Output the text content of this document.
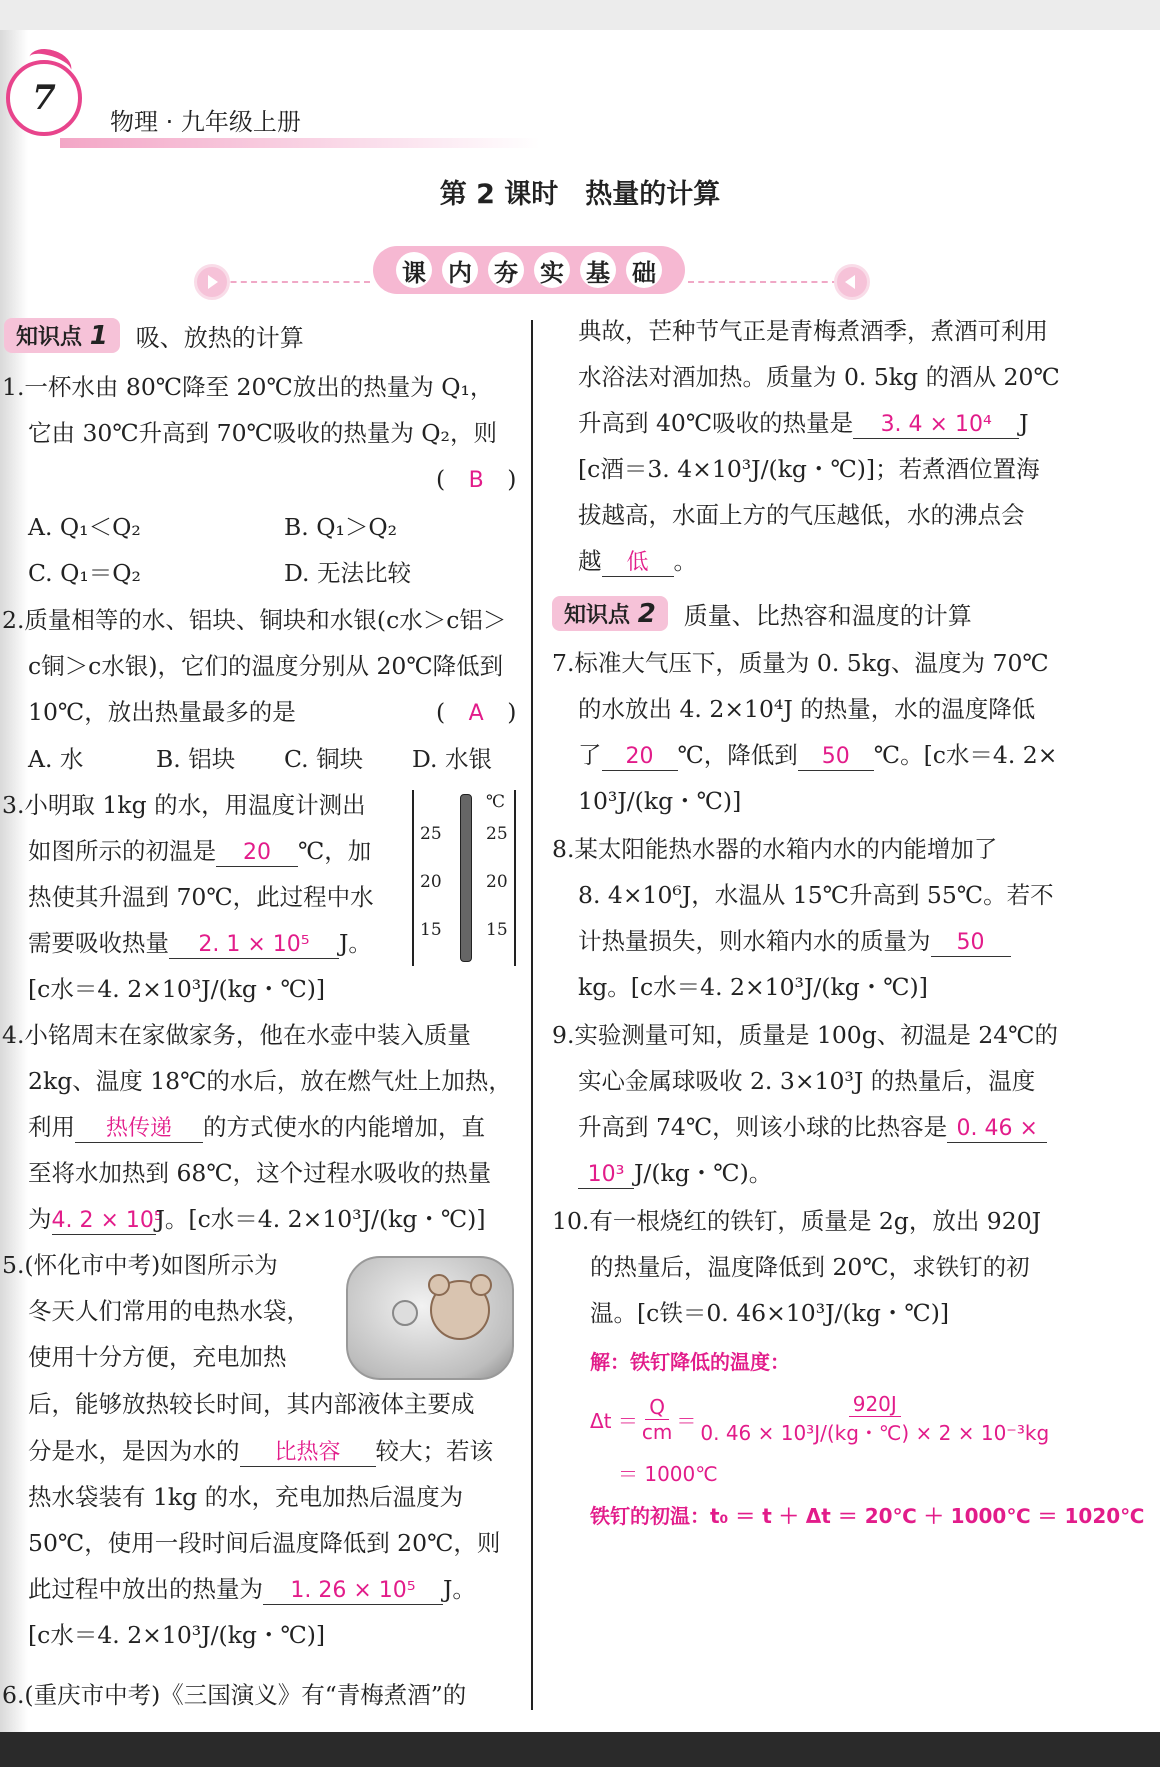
7
物理 · 九年级上册
第 2 课时　热量的计算
课 内 夯 实 基 础
知识点 1	吸、放热的计算
1.一杯水由 80℃降至 20℃放出的热量为 Q₁，
它由 30℃升高到 70℃吸收的热量为 Q₂，则
(　B　)
A. Q₁＜Q₂	B. Q₁＞Q₂
C. Q₁＝Q₂	D. 无法比较
2.质量相等的水、铝块、铜块和水银(c水＞c铝＞
c铜＞c水银)，它们的温度分别从 20℃降低到
10℃，放出热量最多的是	(　A　)
A. 水	B. 铝块 C. 铜块 D. 水银
3.小明取 1kg 的水，用温度计测出
如图所示的初温是 20 ℃，加
热使其升温到 70℃，此过程中水
需要吸收热量 2. 1 × 10⁵ J。
[c水＝4. 2×10³J/(kg・℃)]
℃
25	25
20	20
15	15
4.小铭周末在家做家务，他在水壶中装入质量
2kg、温度 18℃的水后，放在燃气灶上加热，
利用 热传递 的方式使水的内能增加，直
至将水加热到 68℃，这个过程水吸收的热量
为4. 2 × 10⁵J。[c水＝4. 2×10³J/(kg・℃)]
5.(怀化市中考)如图所示为
冬天人们常用的电热水袋，
使用十分方便，充电加热
后，能够放热较长时间，其内部液体主要成
分是水，是因为水的 比热容 较大；若该
热水袋装有 1kg 的水，充电加热后温度为
50℃，使用一段时间后温度降低到 20℃，则
此过程中放出的热量为 1. 26 × 10⁵ J。
[c水＝4. 2×10³J/(kg・℃)]
6.(重庆市中考)《三国演义》有“青梅煮酒”的
典故，芒种节气正是青梅煮酒季，煮酒可利用
水浴法对酒加热。质量为 0. 5kg 的酒从 20℃
升高到 40℃吸收的热量是 3. 4 × 10⁴ J
[c酒＝3. 4×10³J/(kg・℃)]；若煮酒位置海
拔越高，水面上方的气压越低，水的沸点会
越 低 。
知识点 2	质量、比热容和温度的计算
7.标准大气压下，质量为 0. 5kg、温度为 70℃
的水放出 4. 2×10⁴J 的热量，水的温度降低
了 20 ℃，降低到 50 ℃。[c水＝4. 2×
10³J/(kg・℃)]
8.某太阳能热水器的水箱内水的内能增加了
8. 4×10⁶J，水温从 15℃升高到 55℃。若不
计热量损失，则水箱内水的质量为 50
kg。[c水＝4. 2×10³J/(kg・℃)]
9.实验测量可知，质量是 100g、初温是 24℃的
实心金属球吸收 2. 3×10³J 的热量后，温度
升高到 74℃，则该小球的比热容是 0. 46 ×
10³ J/(kg・℃)。
10.有一根烧红的铁钉，质量是 2g，放出 920J
的热量后，温度降低到 20℃，求铁钉的初
温。[c铁＝0. 46×10³J/(kg・℃)]
解：铁钉降低的温度：
$\Delta t = \frac{Q}{cm} = \frac{920J}{\text{0. 46 × 10³J/(kg・℃) × 2 × 10⁻³kg}}$
＝ 1000℃
铁钉的初温：t₀ ＝ t ＋ Δt ＝ 20℃ ＋ 1000℃ ＝ 1020℃
